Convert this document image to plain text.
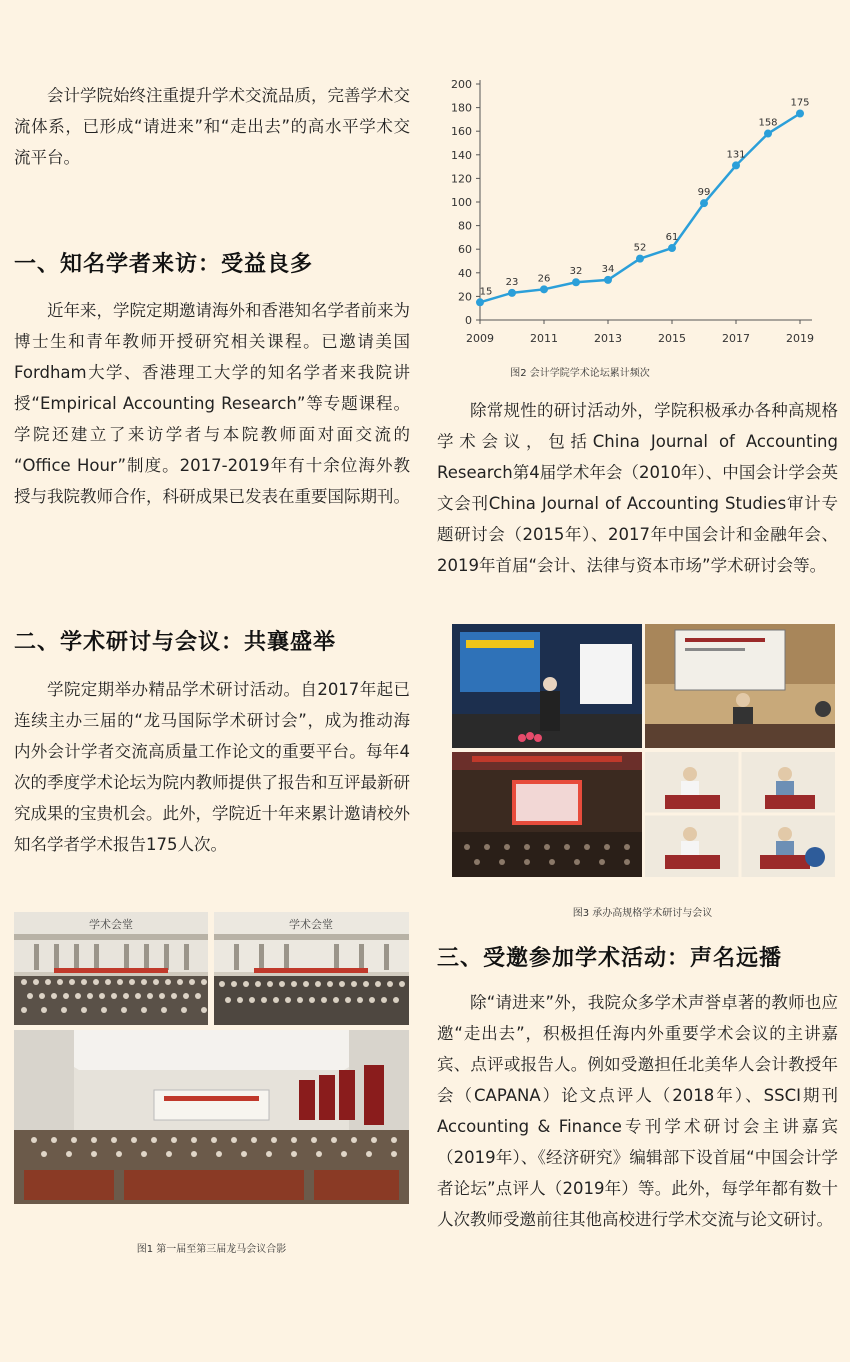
会计学院始终注重提升学术交流品质，完善学术交流体系，已形成“请进来”和“走出去”的高水平学术交流平台。

一、知名学者来访：受益良多

近年来，学院定期邀请海外和香港知名学者前来为博士生和青年教师开授研究相关课程。已邀请美国Fordham大学、香港理工大学的知名学者来我院讲授“Empirical Accounting Research”等专题课程。学院还建立了来访学者与本院教师面对面交流的 “Office Hour”制度。2017-2019年有十余位海外教授与我院教师合作，科研成果已发表在重要国际期刊。

二、学术研讨与会议：共襄盛举

学院定期举办精品学术研讨活动。自2017年起已连续主办三届的“龙马国际学术研讨会”，成为推动海内外会计学者交流高质量工作论文的重要平台。每年4次的季度学术论坛为院内教师提供了报告和互评最新研究成果的宝贵机会。此外，学院近十年来累计邀请校外知名学者学术报告175人次。

学术会堂	学术会堂
图1 第一届至第三届龙马会议合影
0
20
40
60
80
100
120
140
160
180
200
2009	2011	2013	2015	2017	2019
15
23 26
32 34
52
61
99
131
158
175
图2 会计学院学术论坛累计频次

除常规性的研讨活动外，学院积极承办各种高规格学术会议，包括China Journal of Accounting Research第4届学术年会（2010年）、中国会计学会英文会刊China Journal of Accounting Studies审计专题研讨会（2015年）、2017年中国会计和金融年会、2019年首届“会计、法律与资本市场”学术研讨会等。

图3 承办高规格学术研讨与会议
三、受邀参加学术活动：声名远播

除“请进来”外，我院众多学术声誉卓著的教师也应邀“走出去”，积极担任海内外重要学术会议的主讲嘉宾、点评或报告人。例如受邀担任北美华人会计教授年会（CAPANA）论文点评人（2018年）、SSCI期刊Accounting & Finance专刊学术研讨会主讲嘉宾（2019年）、《经济研究》编辑部下设首届“中国会计学者论坛”点评人（2019年）等。此外，每学年都有数十人次教师受邀前往其他高校进行学术交流与论文研讨。
